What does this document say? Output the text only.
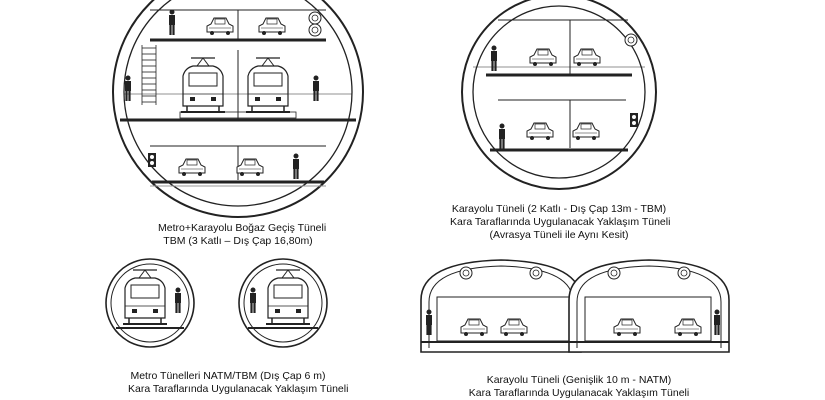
Metro+Karayolu Boğaz Geçiş Tüneli
TBM (3 Katlı – Dış Çap 16,80m)
Karayolu Tüneli (2 Katlı - Dış Çap 13m - TBM)
Kara Taraflarında Uygulanacak Yaklaşım Tüneli
(Avrasya Tüneli ile Aynı Kesit)
Metro Tünelleri NATM/TBM (Dış Çap 6 m)
Kara Taraflarında Uygulanacak Yaklaşım Tüneli
Karayolu Tüneli (Genişlik 10 m - NATM)
Kara Taraflarında Uygulanacak Yaklaşım Tüneli
